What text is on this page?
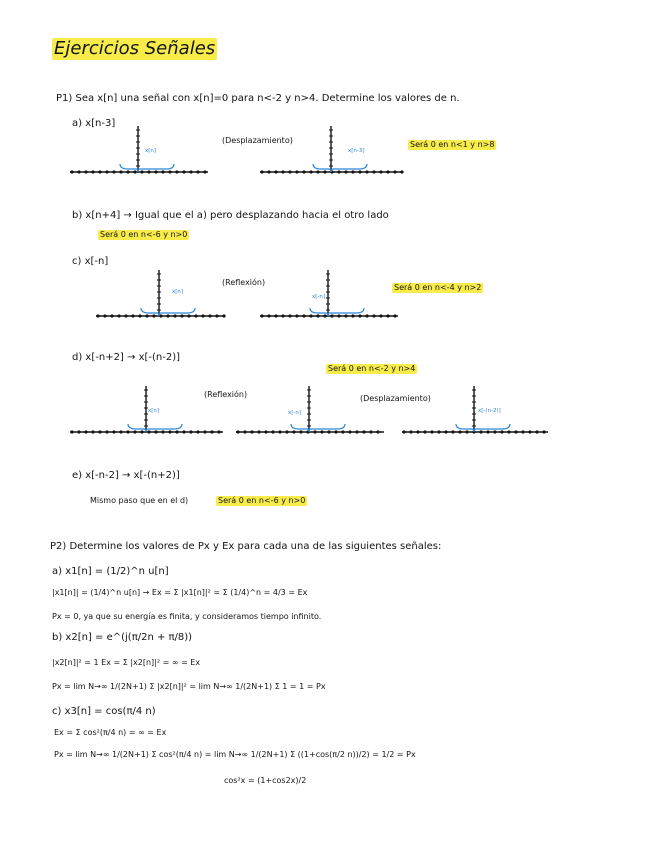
Ejercicios Señales
P1) Sea x[n] una señal con x[n]=0 para n<-2 y n>4. Determine los valores de n.
a) x[n-3]
x[n]
(Desplazamiento)
x[n-3]
Será 0 en n<1 y n>8
b) x[n+4] → Igual que el a) pero desplazando hacia el otro lado
Será 0 en n<-6 y n>0
c) x[-n]
x[n]
(Reflexión)
x[-n]
Será 0 en n<-4 y n>2
d) x[-n+2] → x[-(n-2)]
Será 0 en n<-2 y n>4
x[n]
(Reflexión)
x[-n]
(Desplazamiento)
x[-(n-2)]
e) x[-n-2] → x[-(n+2)]
Mismo paso que en el d)	Será 0 en n<-6 y n>0
P2) Determine los valores de Px y Ex para cada una de las siguientes señales:
a) x1[n] = (1/2)^n u[n]
|x1[n]| = (1/4)^n u[n] → Ex = Σ |x1[n]|² = Σ (1/4)^n = 4/3 = Ex
Px = 0, ya que su energía es finita, y consideramos tiempo infinito.
b) x2[n] = e^(j(π/2n + π/8))
|x2[n]|² = 1 Ex = Σ |x2[n]|² = ∞ = Ex
Px = lim N→∞ 1/(2N+1) Σ |x2[n]|² = lim N→∞ 1/(2N+1) Σ 1 = 1 = Px
c) x3[n] = cos(π/4 n)
Ex = Σ cos²(π/4 n) = ∞ = Ex
Px = lim N→∞ 1/(2N+1) Σ cos²(π/4 n) = lim N→∞ 1/(2N+1) Σ ((1+cos(π/2 n))/2) = 1/2 = Px
cos²x = (1+cos2x)/2
